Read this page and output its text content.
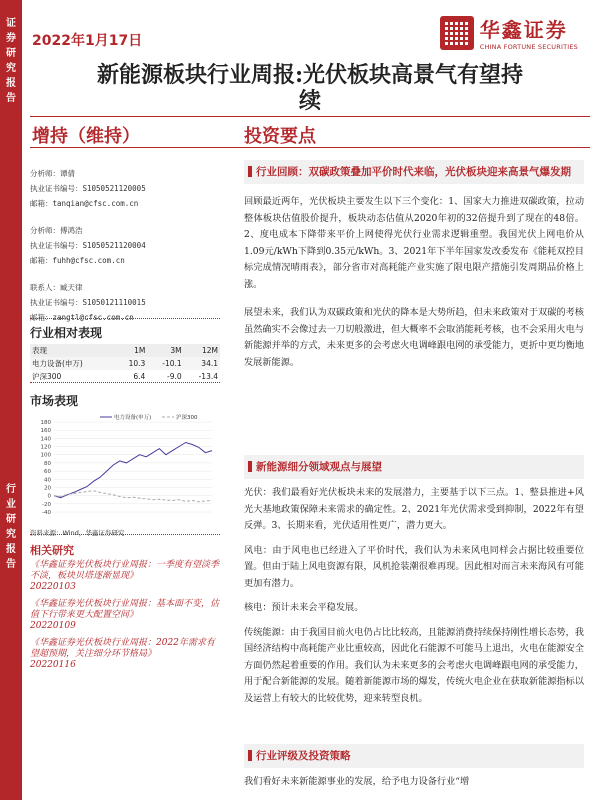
证
券
研
究
报
告
行
业
研
究
报
告
2022年1月17日	华鑫证券
CHINA FORTUNE SECURITIES
新能源板块行业周报:光伏板块高景气有望持
续
增持（维持）	投资要点
分析师：谭倩
执业证书编号：S1050521120005
邮箱：tanqian@cfsc.com.cn
分析师：傅鸿浩
执业证书编号：S1050521120004
邮箱：fuhh@cfsc.com.cn
联系人：臧天律
执业证书编号：S1050121110015
邮箱：zangtl@cfsc.com.cn
行业相对表现
表现	1M	3M	12M
电力设备(申万)	10.3	-10.1	34.1
沪深300	6.4	-9.0	-13.4
市场表现
180
160
140
120
100
80
60
40
20
0
-20
-40
电力设备(申万)	沪深300
资料来源：Wind，华鑫证券研究
相关研究
《华鑫证券光伏板块行业周报：一季度有望淡季不淡，板块贝塔逐渐显现》
20220103
《华鑫证券光伏板块行业周报：基本面不变，估值下行带来更大配置空间》
20220109
《华鑫证券光伏板块行业周报：2022年需求有望超预期，关注细分环节格局》
20220116
行业回顾：双碳政策叠加平价时代来临，光伏板块迎来高景气爆发期
回顾最近两年，光伏板块主要发生以下三个变化：1、国家大力推进双碳政策，拉动整体板块估值股价提升，板块动态估值从2020年初的32倍提升到了现在的48倍。2、度电成本下降带来平价上网使得光伏行业需求逻辑重塑。我国光伏上网电价从1.09元/kWh下降到0.35元/kWh。3、2021年下半年国家发改委发布《能耗双控目标完成情况晴雨表》，部分省市对高耗能产业实施了限电限产措施引发周期品价格上涨。
展望未来，我们认为双碳政策和光伏的降本是大势所趋，但未来政策对于双碳的考核虽然确实不会像过去一刀切般激进，但大概率不会取消能耗考核，也不会采用火电与新能源并举的方式，未来更多的会考虑火电调峰跟电网的承受能力，更折中更均衡地发展新能源。
新能源细分领域观点与展望
光伏：我们最看好光伏板块未来的发展潜力，主要基于以下三点。1、整县推进+风光大基地政策保障未来需求的确定性。2、2021年光伏需求受到抑制，2022年有望反弹。3、长期来看，光伏适用性更广，潜力更大。
风电：由于风电也已经进入了平价时代，我们认为未来风电同样会占据比较重要位置。但由于陆上风电资源有限，风机抢装潮很难再现。因此相对而言未来海风有可能更加有潜力。
核电：预计未来会平稳发展。
传统能源：由于我国目前火电仍占比比较高，且能源消费持续保持刚性增长态势，我国经济结构中高耗能产业比重较高，因此化石能源不可能马上退出，火电在能源安全方面仍然起着重要的作用。我们认为未来更多的会考虑火电调峰跟电网的承受能力，用于配合新能源的发展。随着新能源市场的爆发，传统火电企业在获取新能源指标以及运营上有较大的比较优势，迎来转型良机。
行业评级及投资策略
我们看好未来新能源事业的发展，给予电力设备行业“增
